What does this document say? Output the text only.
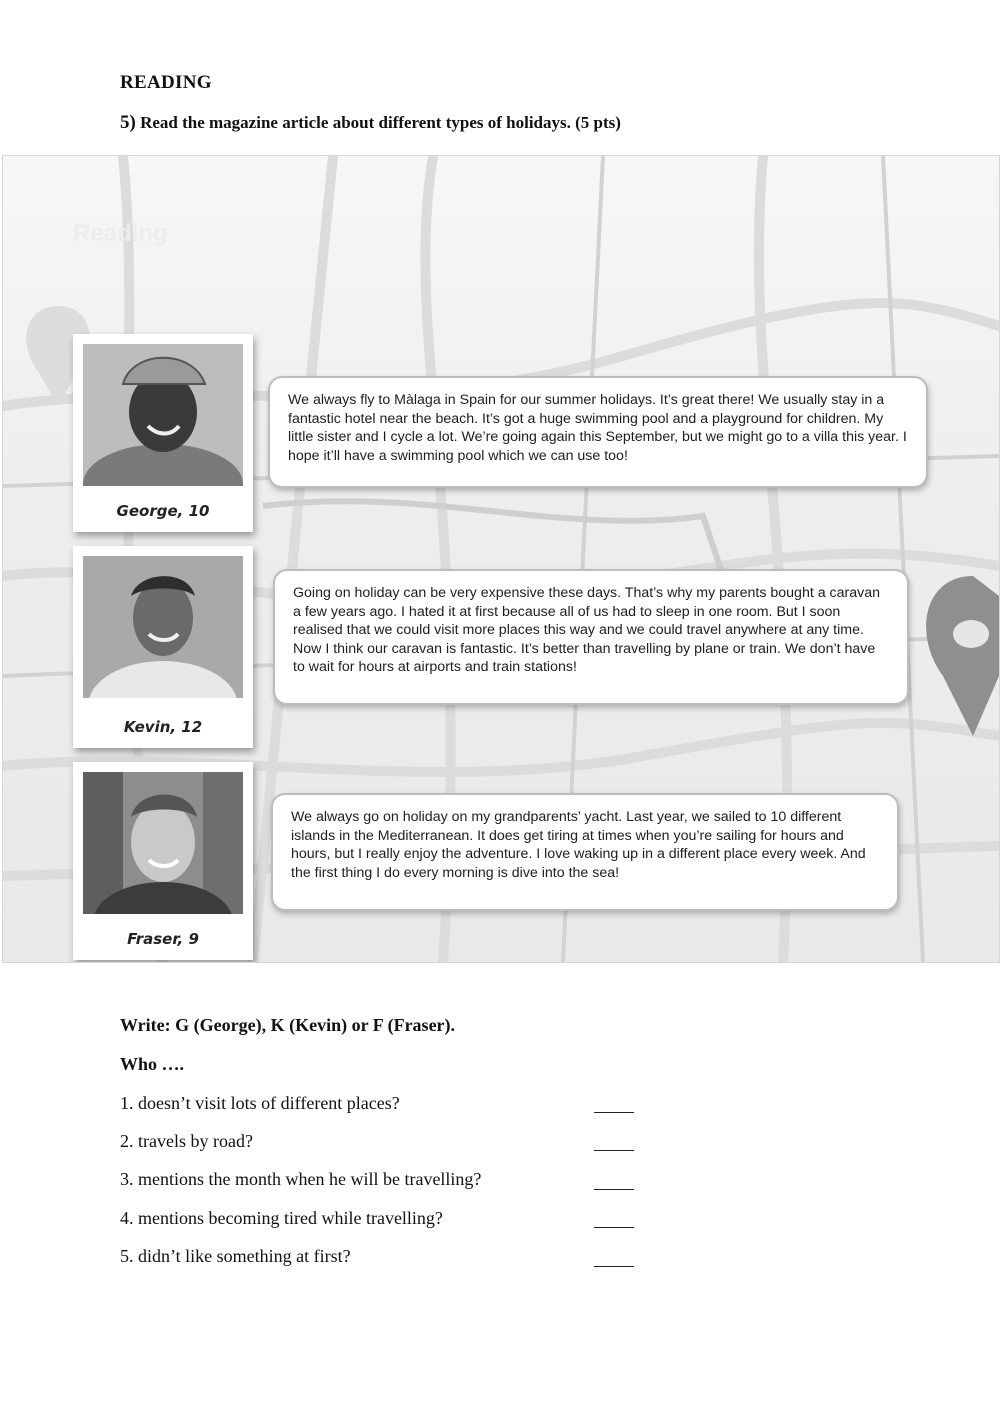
READING
5) Read the magazine article about different types of holidays. (5 pts)
Reading
George, 10
We always fly to Màlaga in Spain for our summer holidays. It’s great there! We usually stay in a fantastic hotel near the beach. It’s got a huge swimming pool and a playground for children. My little sister and I cycle a lot. We’re going again this September, but we might go to a villa this year. I hope it’ll have a swimming pool which we can use too!
Kevin, 12
Going on holiday can be very expensive these days. That’s why my parents bought a caravan a few years ago. I hated it at first because all of us had to sleep in one room. But I soon realised that we could visit more places this way and we could travel anywhere at any time. Now I think our caravan is fantastic. It’s better than travelling by plane or train. We don’t have to wait for hours at airports and train stations!
Fraser, 9
We always go on holiday on my grandparents’ yacht. Last year, we sailed to 10 different islands in the Mediterranean. It does get tiring at times when you’re sailing for hours and hours, but I really enjoy the adventure. I love waking up in a different place every week. And the first thing I do every morning is dive into the sea!
Write: G (George), K (Kevin) or F (Fraser).
Who ….
1. doesn’t visit lots of different places?
2. travels by road?
3. mentions the month when he will be travelling?
4. mentions becoming tired while travelling?
5. didn’t like something at first?
